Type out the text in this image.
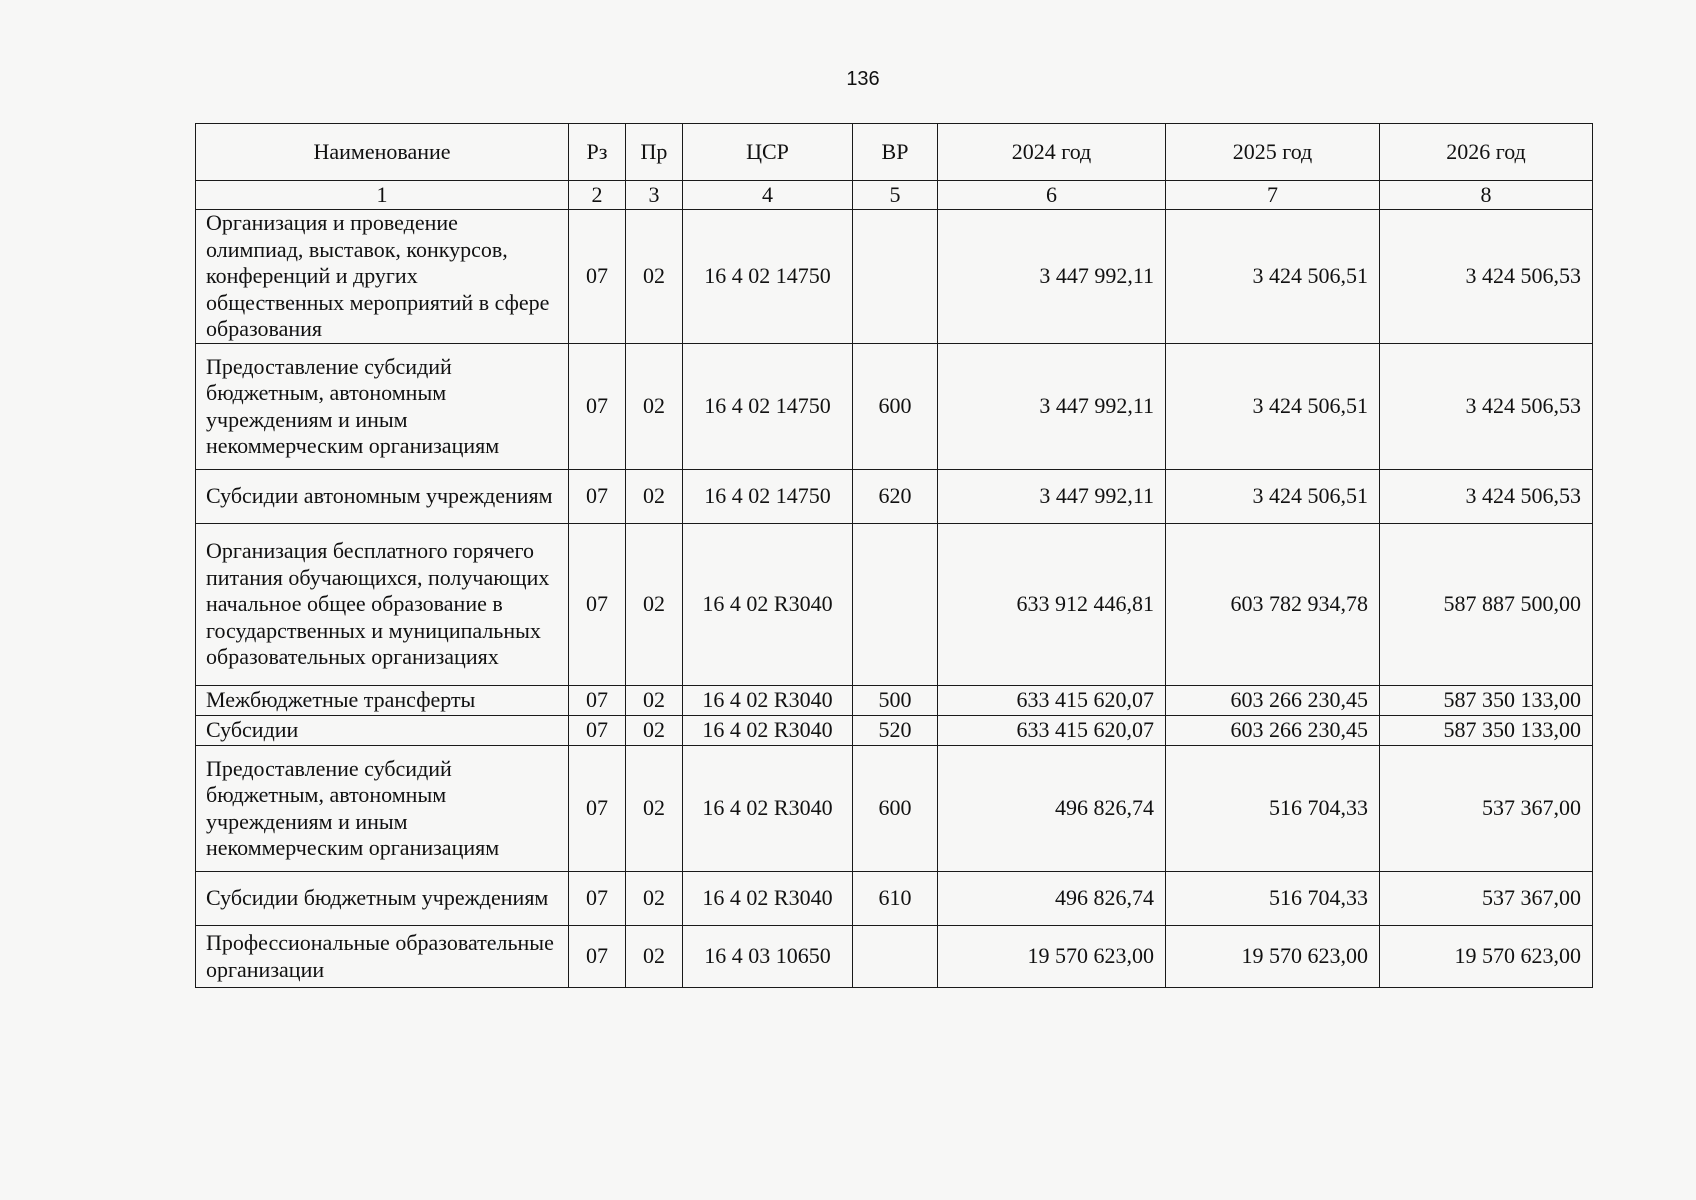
136
Наименование	Рз	Пр	ЦСР	ВР	2024 год	2025 год	2026 год
1	2	3	4	5	6	7	8
Организация и проведение олимпиад, выставок, конкурсов, конференций и других общественных мероприятий в сфере образования	07	02	16 4 02 14750		3 447 992,11	3 424 506,51	3 424 506,53
Предоставление субсидий бюджетным, автономным учреждениям и иным некоммерческим организациям	07	02	16 4 02 14750	600	3 447 992,11	3 424 506,51	3 424 506,53
Субсидии автономным учреждениям	07	02	16 4 02 14750	620	3 447 992,11	3 424 506,51	3 424 506,53
Организация бесплатного горячего питания обучающихся, получающих начальное общее образование в государственных и муниципальных образовательных организациях	07	02	16 4 02 R3040		633 912 446,81	603 782 934,78	587 887 500,00
Межбюджетные трансферты	07	02	16 4 02 R3040	500	633 415 620,07	603 266 230,45	587 350 133,00
Субсидии	07	02	16 4 02 R3040	520	633 415 620,07	603 266 230,45	587 350 133,00
Предоставление субсидий бюджетным, автономным учреждениям и иным некоммерческим организациям	07	02	16 4 02 R3040	600	496 826,74	516 704,33	537 367,00
Субсидии бюджетным учреждениям	07	02	16 4 02 R3040	610	496 826,74	516 704,33	537 367,00
Профессиональные образовательные организации	07	02	16 4 03 10650		19 570 623,00	19 570 623,00	19 570 623,00
